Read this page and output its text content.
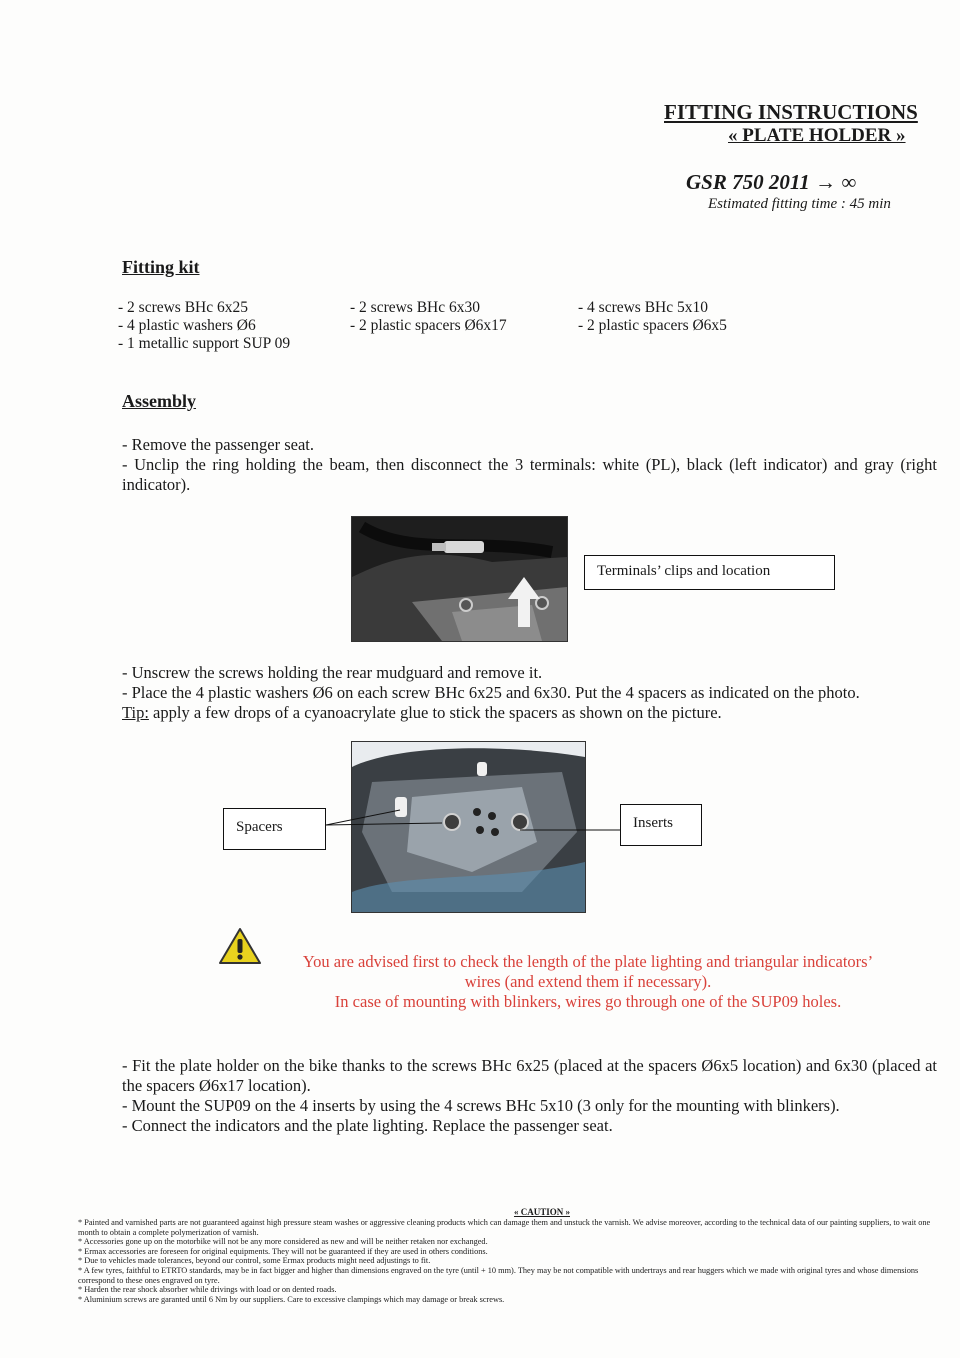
FITTING INSTRUCTIONS
« PLATE HOLDER »
GSR 750 2011 → ∞
Estimated fitting time : 45 min
Fitting kit
- 2 screws BHc 6x25
- 4 plastic washers Ø6
- 1 metallic support SUP 09
- 2 screws BHc 6x30
- 2 plastic spacers Ø6x17
- 4 screws BHc 5x10
- 2 plastic spacers Ø6x5
Assembly

- Remove the passenger seat.

- Unclip the ring holding the beam, then disconnect the 3 terminals: white (PL), black (left indicator) and gray (right indicator).

Terminals’ clips and location

- Unscrew the screws holding the rear mudguard and remove it.

- Place the 4 plastic washers Ø6 on each screw BHc 6x25 and 6x30. Put the 4 spacers as indicated on the photo.

Tip: apply a few drops of a cyanoacrylate glue to stick the spacers as shown on the picture.

Spacers	Inserts
You are advised first to check the length of the plate lighting and triangular indicators’
wires (and extend them if necessary).
In case of mounting with blinkers, wires go through one of the SUP09 holes.

- Fit the plate holder on the bike thanks to the screws BHc 6x25 (placed at the spacers Ø6x5 location) and 6x30 (placed at the spacers Ø6x17 location).

- Mount the SUP09 on the 4 inserts by using the 4 screws BHc 5x10 (3 only for the mounting with blinkers).

- Connect the indicators and the plate lighting. Replace the passenger seat.

« CAUTION »
* Painted and varnished parts are not guaranteed against high pressure steam washes or aggressive cleaning products which can damage them and unstuck the varnish. We advise moreover, according to the technical data of our painting suppliers, to wait one month to obtain a complete polymerization of varnish.
* Accessories gone up on the motorbike will not be any more considered as new and will be neither retaken nor exchanged.
* Ermax accessories are foreseen for original equipments. They will not be guaranteed if they are used in others conditions.
* Due to vehicles made tolerances, beyond our control, some Ermax products might need adjustings to fit.
* A few tyres, faithful to ETRTO standards, may be in fact bigger and higher than dimensions engraved on the tyre (until + 10 mm). They may be not compatible with undertrays and rear huggers which we made with original tyres and whose dimensions correspond to these ones engraved on tyre.
* Harden the rear shock absorber while drivings with load or on dented roads.
* Aluminium screws are garanted until 6 Nm by our suppliers. Care to excessive clampings which may damage or break screws.
